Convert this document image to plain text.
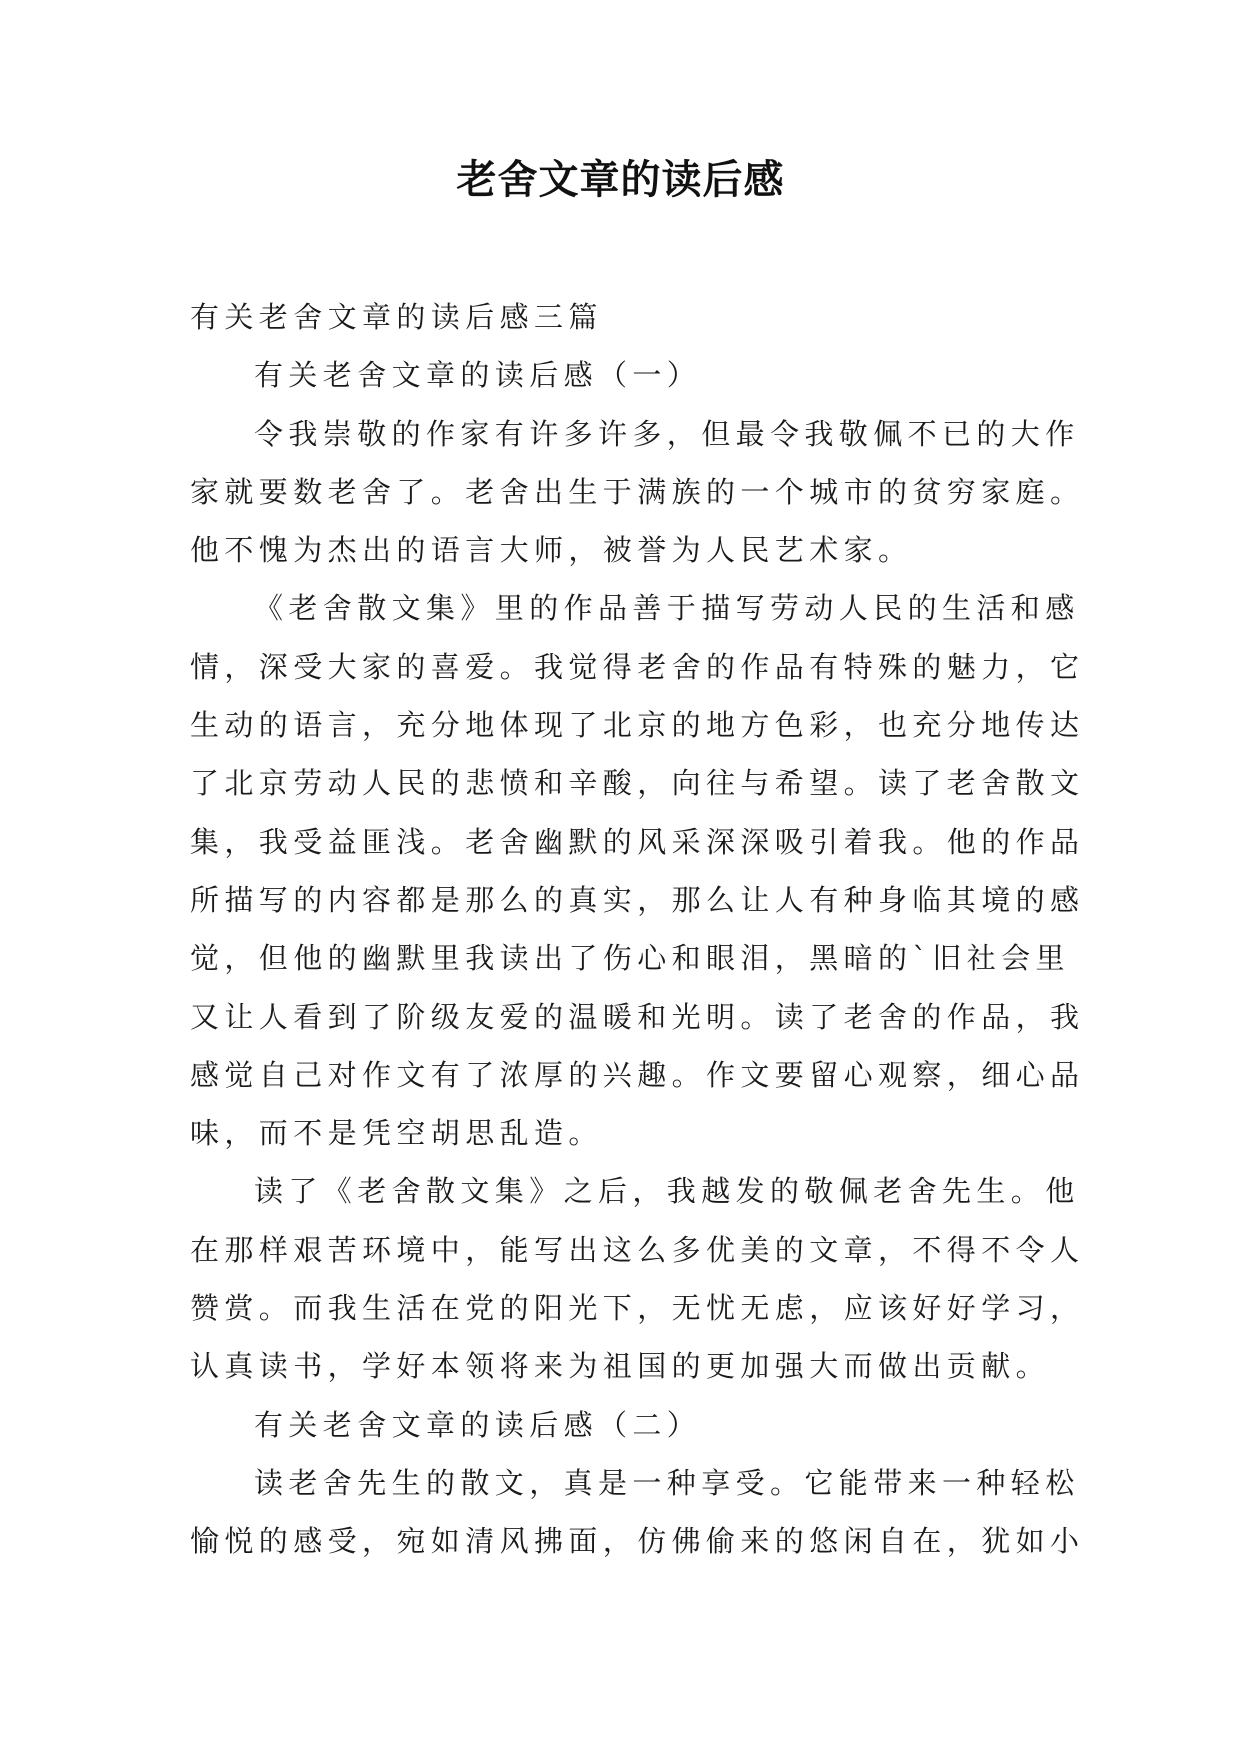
老舍文章的读后感
有关老舍文章的读后感三篇
有关老舍文章的读后感（一）
令我崇敬的作家有许多许多，但最令我敬佩不已的大作
家就要数老舍了。老舍出生于满族的一个城市的贫穷家庭。
他不愧为杰出的语言大师，被誉为人民艺术家。
《老舍散文集》里的作品善于描写劳动人民的生活和感
情，深受大家的喜爱。我觉得老舍的作品有特殊的魅力，它
生动的语言，充分地体现了北京的地方色彩，也充分地传达
了北京劳动人民的悲愤和辛酸，向往与希望。读了老舍散文
集，我受益匪浅。老舍幽默的风采深深吸引着我。他的作品
所描写的内容都是那么的真实，那么让人有种身临其境的感
觉，但他的幽默里我读出了伤心和眼泪，黑暗的`旧社会里
又让人看到了阶级友爱的温暖和光明。读了老舍的作品，我
感觉自己对作文有了浓厚的兴趣。作文要留心观察，细心品
味，而不是凭空胡思乱造。
读了《老舍散文集》之后，我越发的敬佩老舍先生。他
在那样艰苦环境中，能写出这么多优美的文章，不得不令人
赞赏。而我生活在党的阳光下，无忧无虑，应该好好学习，
认真读书，学好本领将来为祖国的更加强大而做出贡献。
有关老舍文章的读后感（二）
读老舍先生的散文，真是一种享受。它能带来一种轻松
愉悦的感受，宛如清风拂面，仿佛偷来的悠闲自在，犹如小
